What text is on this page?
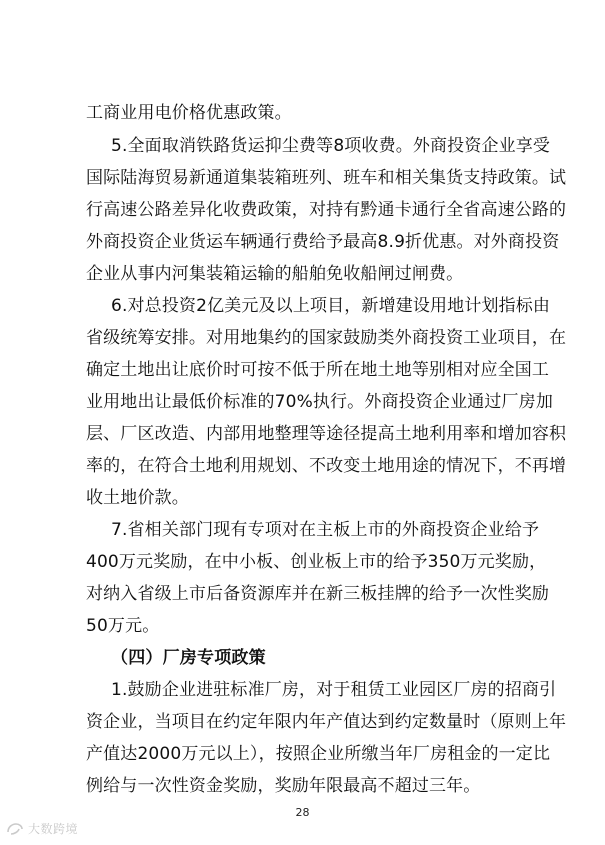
工商业用电价格优惠政策。
5.全面取消铁路货运抑尘费等8项收费。外商投资企业享受
国际陆海贸易新通道集装箱班列、班车和相关集货支持政策。试
行高速公路差异化收费政策，对持有黔通卡通行全省高速公路的
外商投资企业货运车辆通行费给予最高8.9折优惠。对外商投资
企业从事内河集装箱运输的船舶免收船闸过闸费。
6.对总投资2亿美元及以上项目，新增建设用地计划指标由
省级统筹安排。对用地集约的国家鼓励类外商投资工业项目，在
确定土地出让底价时可按不低于所在地土地等别相对应全国工
业用地出让最低价标准的70%执行。外商投资企业通过厂房加
层、厂区改造、内部用地整理等途径提高土地利用率和增加容积
率的，在符合土地利用规划、不改变土地用途的情况下，不再增
收土地价款。
7.省相关部门现有专项对在主板上市的外商投资企业给予
400万元奖励，在中小板、创业板上市的给予350万元奖励，
对纳入省级上市后备资源库并在新三板挂牌的给予一次性奖励
50万元。
（四）厂房专项政策
1.鼓励企业进驻标准厂房，对于租赁工业园区厂房的招商引
资企业，当项目在约定年限内年产值达到约定数量时（原则上年
产值达2000万元以上），按照企业所缴当年厂房租金的一定比
例给与一次性资金奖励，奖励年限最高不超过三年。
28
大数跨境
